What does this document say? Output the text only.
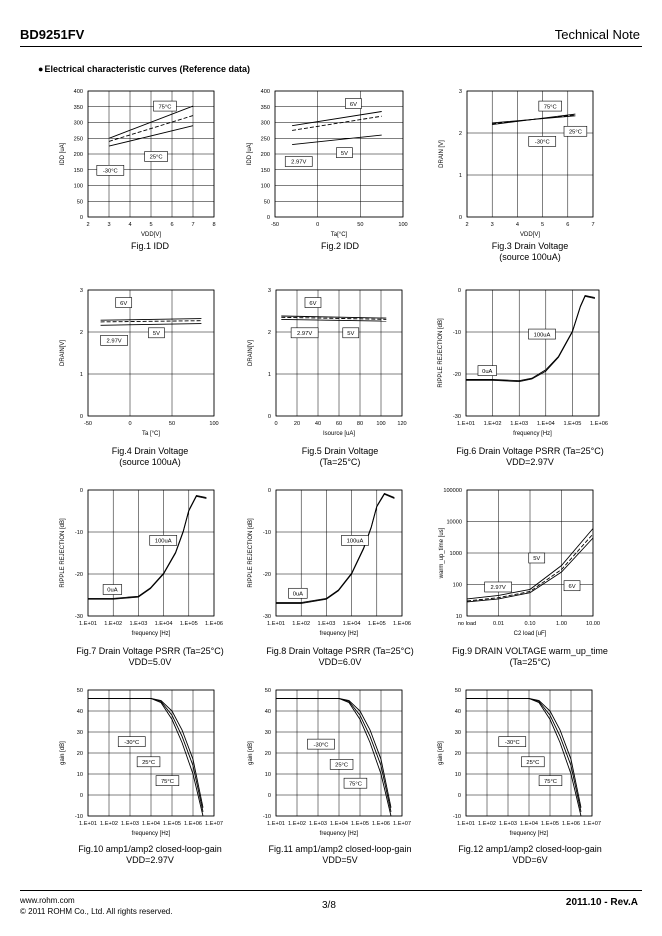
BD9251FV	Technical Note
●Electrical characteristic curves (Reference data)
2	3	4	5	6	7	8
0
50
100
150
200
250
300
350
400
VDD[V]
IDD [uA]
75°C
25°C
-30°C
Fig.1 IDD
-50	0	50	100
0
50
100
150
200
250
300
350
400
Ta[°C]
IDD [uA]
6V
5V
2.97V
Fig.2 IDD
2	3	4	5	6	7
0
1
2
3
VDD[V]
DRAIN [V]
75°C
25°C
-30°C
Fig.3 Drain Voltage
(source 100uA)
-50	0	50	100
0
1
2
3
Ta [°C]
DRAIN[V]
6V
5V
2.97V
Fig.4 Drain Voltage
(source 100uA)
0	20	40	60	80 100 120
0
1
2
3
Isource [uA]
DRAIN[V]
6V
2.97V	5V
Fig.5 Drain Voltage
(Ta=25°C)
1.E+01 1.E+02 1.E+03 1.E+04 1.E+05 1.E+06
-30
-20
-10
0
frequency [Hz]
RIPPLE REJECTION [dB]	100uA
0uA
Fig.6 Drain Voltage PSRR (Ta=25°C)
VDD=2.97V
1.E+01 1.E+02 1.E+03 1.E+04 1.E+05 1.E+06
-30
-20
-10
0
frequency [Hz]
RIPPLE REJECTION [dB]	100uA
0uA
Fig.7 Drain Voltage PSRR (Ta=25°C)
VDD=5.0V
1.E+01 1.E+02 1.E+03 1.E+04 1.E+05 1.E+06
-30
-20
-10
0
frequency [Hz]
RIPPLE REJECTION [dB]	100uA
0uA
Fig.8 Drain Voltage PSRR (Ta=25°C)
VDD=6.0V
no load	0.01	0.10	1.00	10.00
10
100
1000
10000
100000
C2 load [uF]
warm_up_time [us]	5V
2.97V	6V
Fig.9 DRAIN VOLTAGE warm_up_time
(Ta=25°C)
1.E+01 1.E+02 1.E+03 1.E+04 1.E+05 1.E+06 1.E+07
-10
0
10
20
30
40
50
frequency [Hz]
gain [dB]	-30°C
25°C
75°C
Fig.10 amp1/amp2 closed-loop-gain
VDD=2.97V
1.E+01 1.E+02 1.E+03 1.E+04 1.E+05 1.E+06 1.E+07
-10
0
10
20
30
40
50
frequency [Hz]
gain [dB]	-30°C
25°C
75°C
Fig.11 amp1/amp2 closed-loop-gain
VDD=5V
1.E+01 1.E+02 1.E+03 1.E+04 1.E+05 1.E+06 1.E+07
-10
0
10
20
30
40
50
frequency [Hz]
gain [dB]	-30°C
25°C
75°C
Fig.12 amp1/amp2 closed-loop-gain
VDD=6V
www.rohm.com
© 2011 ROHM Co., Ltd. All rights reserved.
3/8	2011.10 - Rev.A
